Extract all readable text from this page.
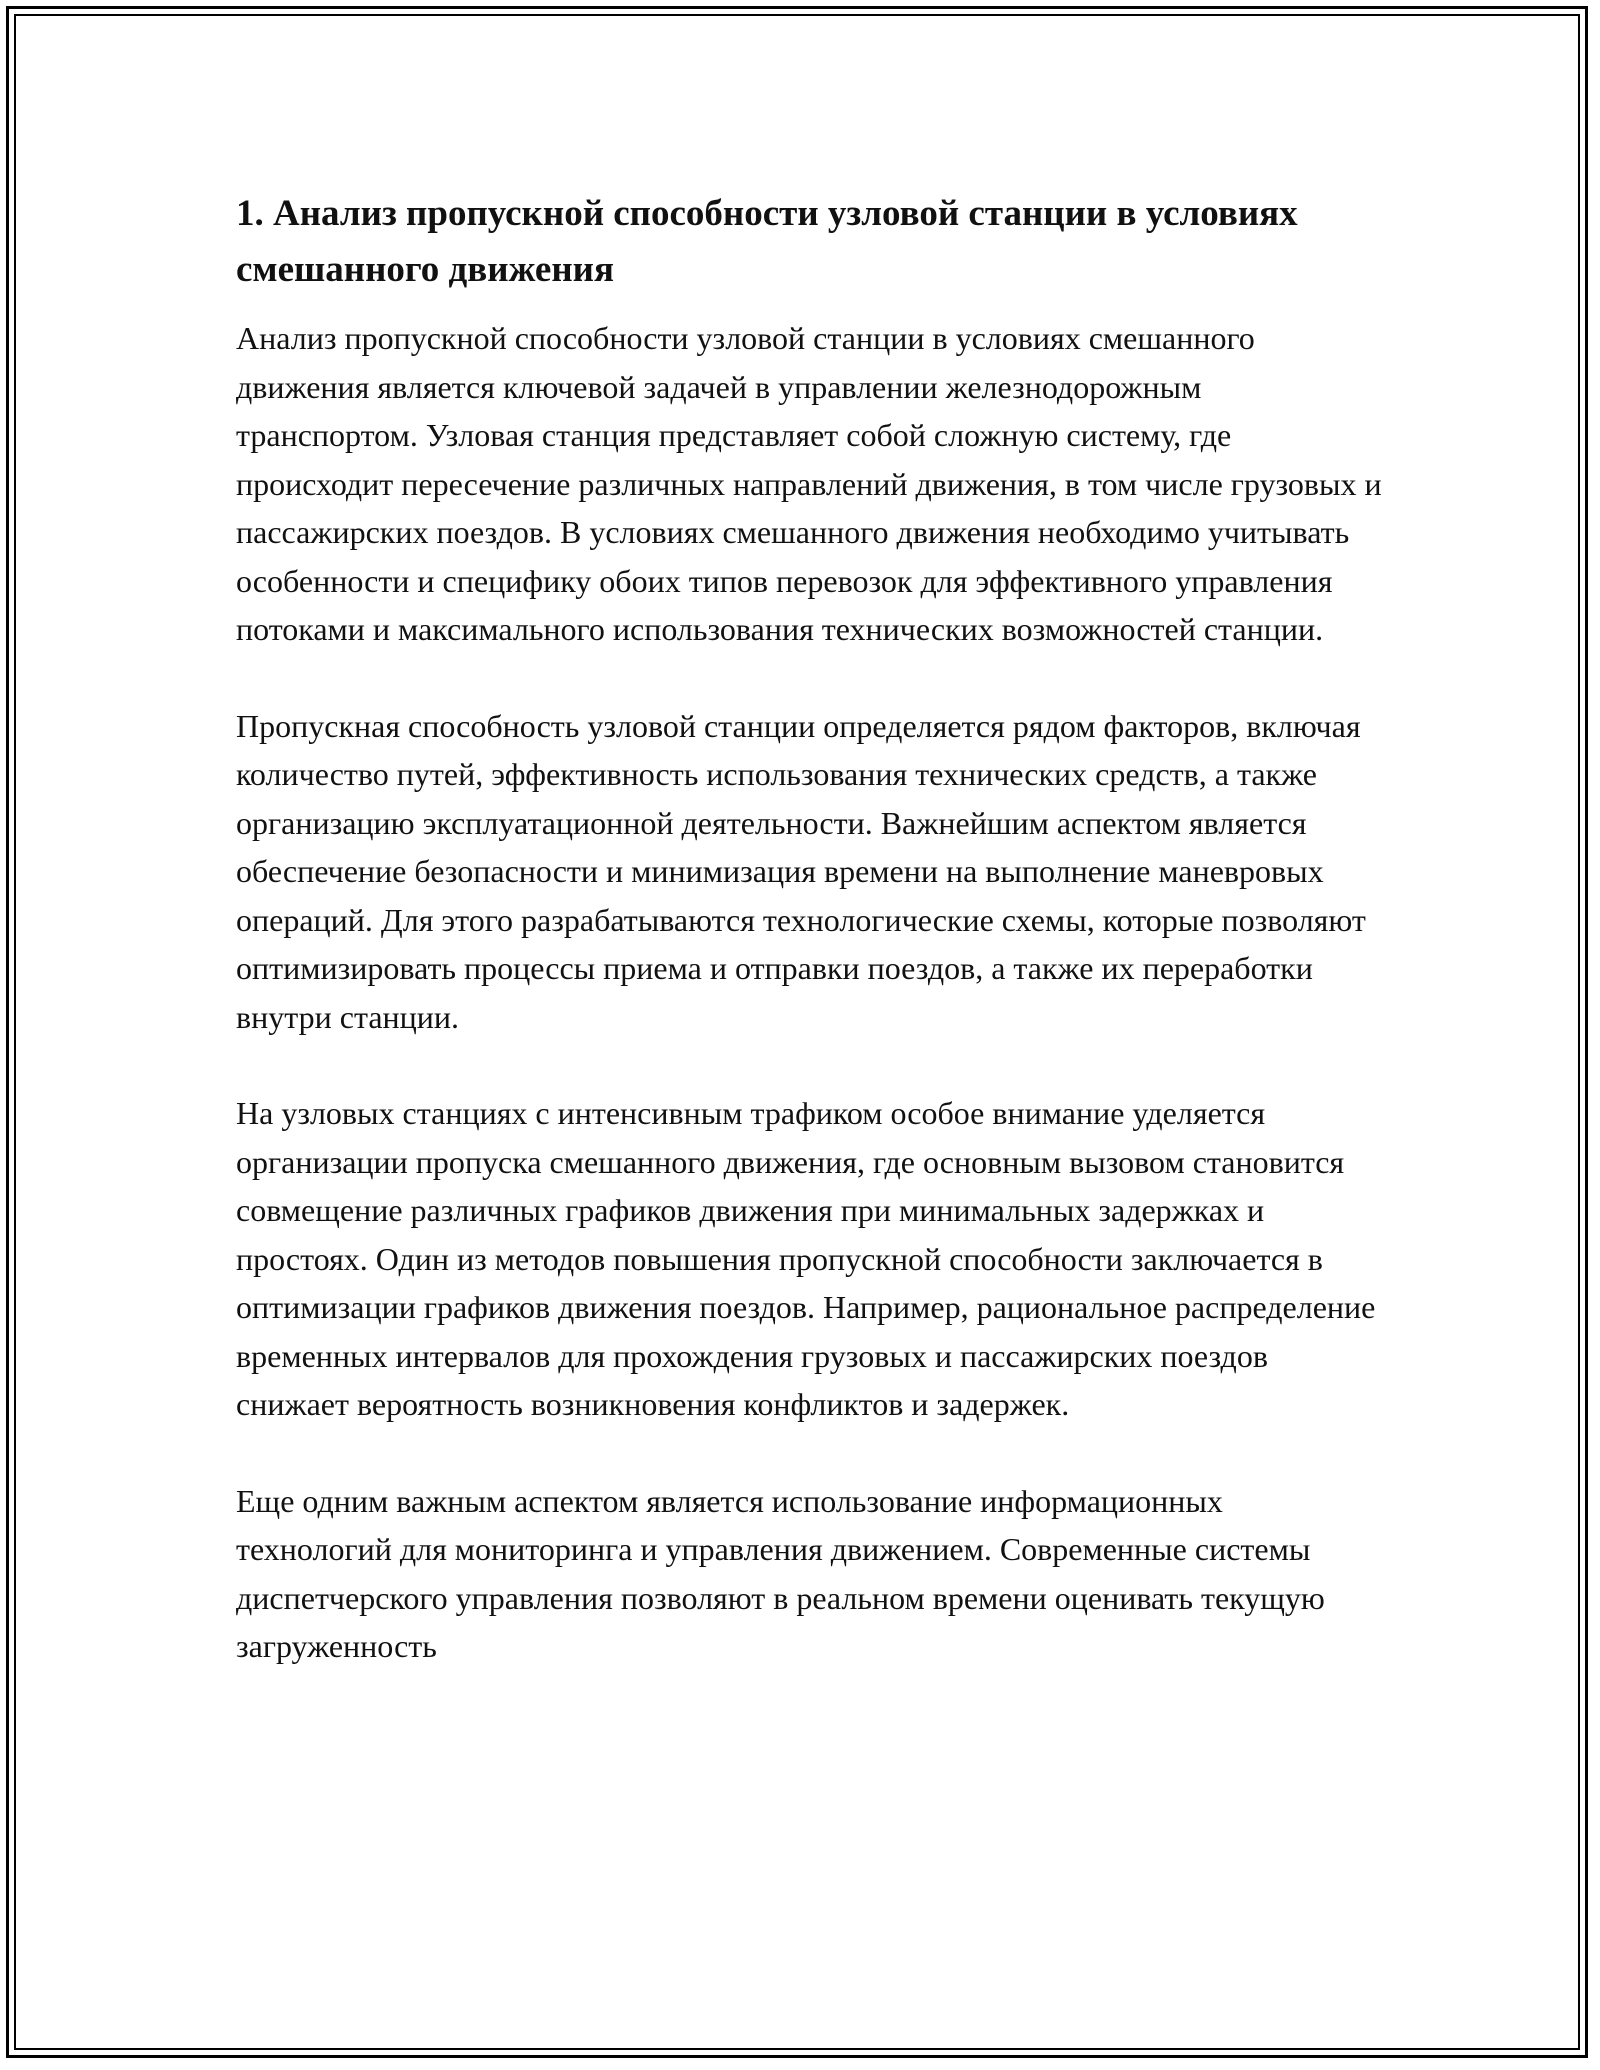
1. Анализ пропускной способности узловой станции в условиях смешанного движения

Анализ пропускной способности узловой станции в условиях смешанного движения является ключевой задачей в управлении железнодорожным транспортом. Узловая станция представляет собой сложную систему, где происходит пересечение различных направлений движения, в том числе грузовых и пассажирских поездов. В условиях смешанного движения необходимо учитывать особенности и специфику обоих типов перевозок для эффективного управления потоками и максимального использования технических возможностей станции.

Пропускная способность узловой станции определяется рядом факторов, включая количество путей, эффективность использования технических средств, а также организацию эксплуатационной деятельности. Важнейшим аспектом является обеспечение безопасности и минимизация времени на выполнение маневровых операций. Для этого разрабатываются технологические схемы, которые позволяют оптимизировать процессы приема и отправки поездов, а также их переработки внутри станции.

На узловых станциях с интенсивным трафиком особое внимание уделяется организации пропуска смешанного движения, где основным вызовом становится совмещение различных графиков движения при минимальных задержках и простоях. Один из методов повышения пропускной способности заключается в оптимизации графиков движения поездов. Например, рациональное распределение временных интервалов для прохождения грузовых и пассажирских поездов снижает вероятность возникновения конфликтов и задержек.

Еще одним важным аспектом является использование информационных технологий для мониторинга и управления движением. Современные системы диспетчерского управления позволяют в реальном времени оценивать текущую загруженность
